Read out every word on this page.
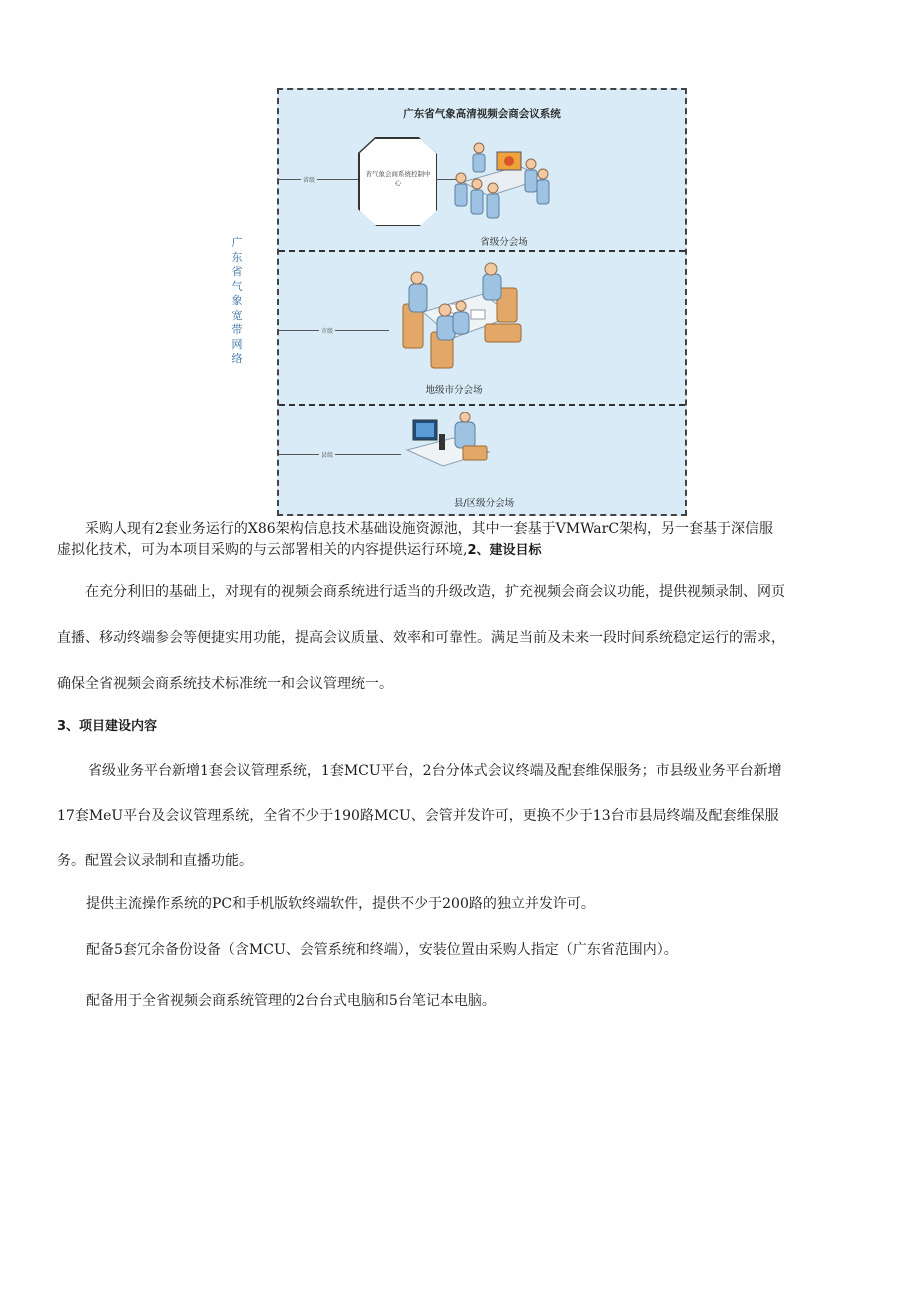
广东省气象宽带网络
广东省气象高清视频会商会议系统
省级
省气象会商系统控制中心
省级分会场
市级
地级市分会场
县级
县/区级分会场
采购人现有2套业务运行的X86架构信息技术基础设施资源池，其中一套基于VMWarC架构，另一套基于深信服
虚拟化技术，可为本项目采购的与云部署相关的内容提供运行环境,2、建设目标
在充分利旧的基础上，对现有的视频会商系统进行适当的升级改造，扩充视频会商会议功能，提供视频录制、网页
直播、移动终端参会等便捷实用功能，提高会议质量、效率和可靠性。满足当前及未来一段时间系统稳定运行的需求，
确保全省视频会商系统技术标准统一和会议管理统一。
3、项目建设内容
省级业务平台新增1套会议管理系统，1套MCU平台，2台分体式会议终端及配套维保服务；市县级业务平台新增
17套MeU平台及会议管理系统，全省不少于190路MCU、会管并发许可，更换不少于13台市县局终端及配套维保服
务。配置会议录制和直播功能。
提供主流操作系统的PC和手机版软终端软件，提供不少于200路的独立并发许可。
配备5套冗余备份设备（含MCU、会管系统和终端），安装位置由采购人指定（广东省范围内）。
配备用于全省视频会商系统管理的2台台式电脑和5台笔记本电脑。
